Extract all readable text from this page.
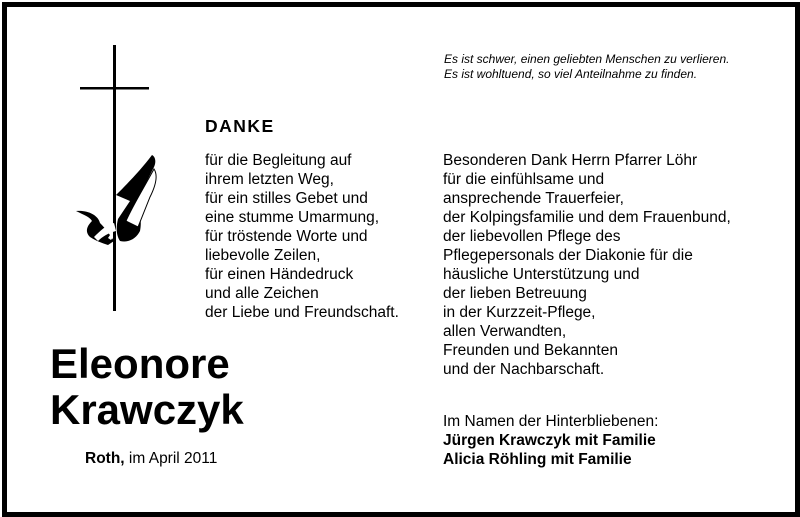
Es ist schwer, einen geliebten Menschen zu verlieren.
Es ist wohltuend, so viel Anteilnahme zu finden.
DANKE
für die Begleitung auf
ihrem letzten Weg,
für ein stilles Gebet und
eine stumme Umarmung,
für tröstende Worte und
liebevolle Zeilen,
für einen Händedruck
und alle Zeichen
der Liebe und Freundschaft.
Besonderen Dank Herrn Pfarrer Löhr
für die einfühlsame und
ansprechende Trauerfeier,
der Kolpingsfamilie und dem Frauenbund,
der liebevollen Pflege des
Pflegepersonals der Diakonie für die
häusliche Unterstützung und
der lieben Betreuung
in der Kurzzeit-Pflege,
allen Verwandten,
Freunden und Bekannten
und der Nachbarschaft.
Eleonore
Krawczyk
Roth, im April 2011
Im Namen der Hinterbliebenen:
Jürgen Krawczyk mit Familie
Alicia Röhling mit Familie
